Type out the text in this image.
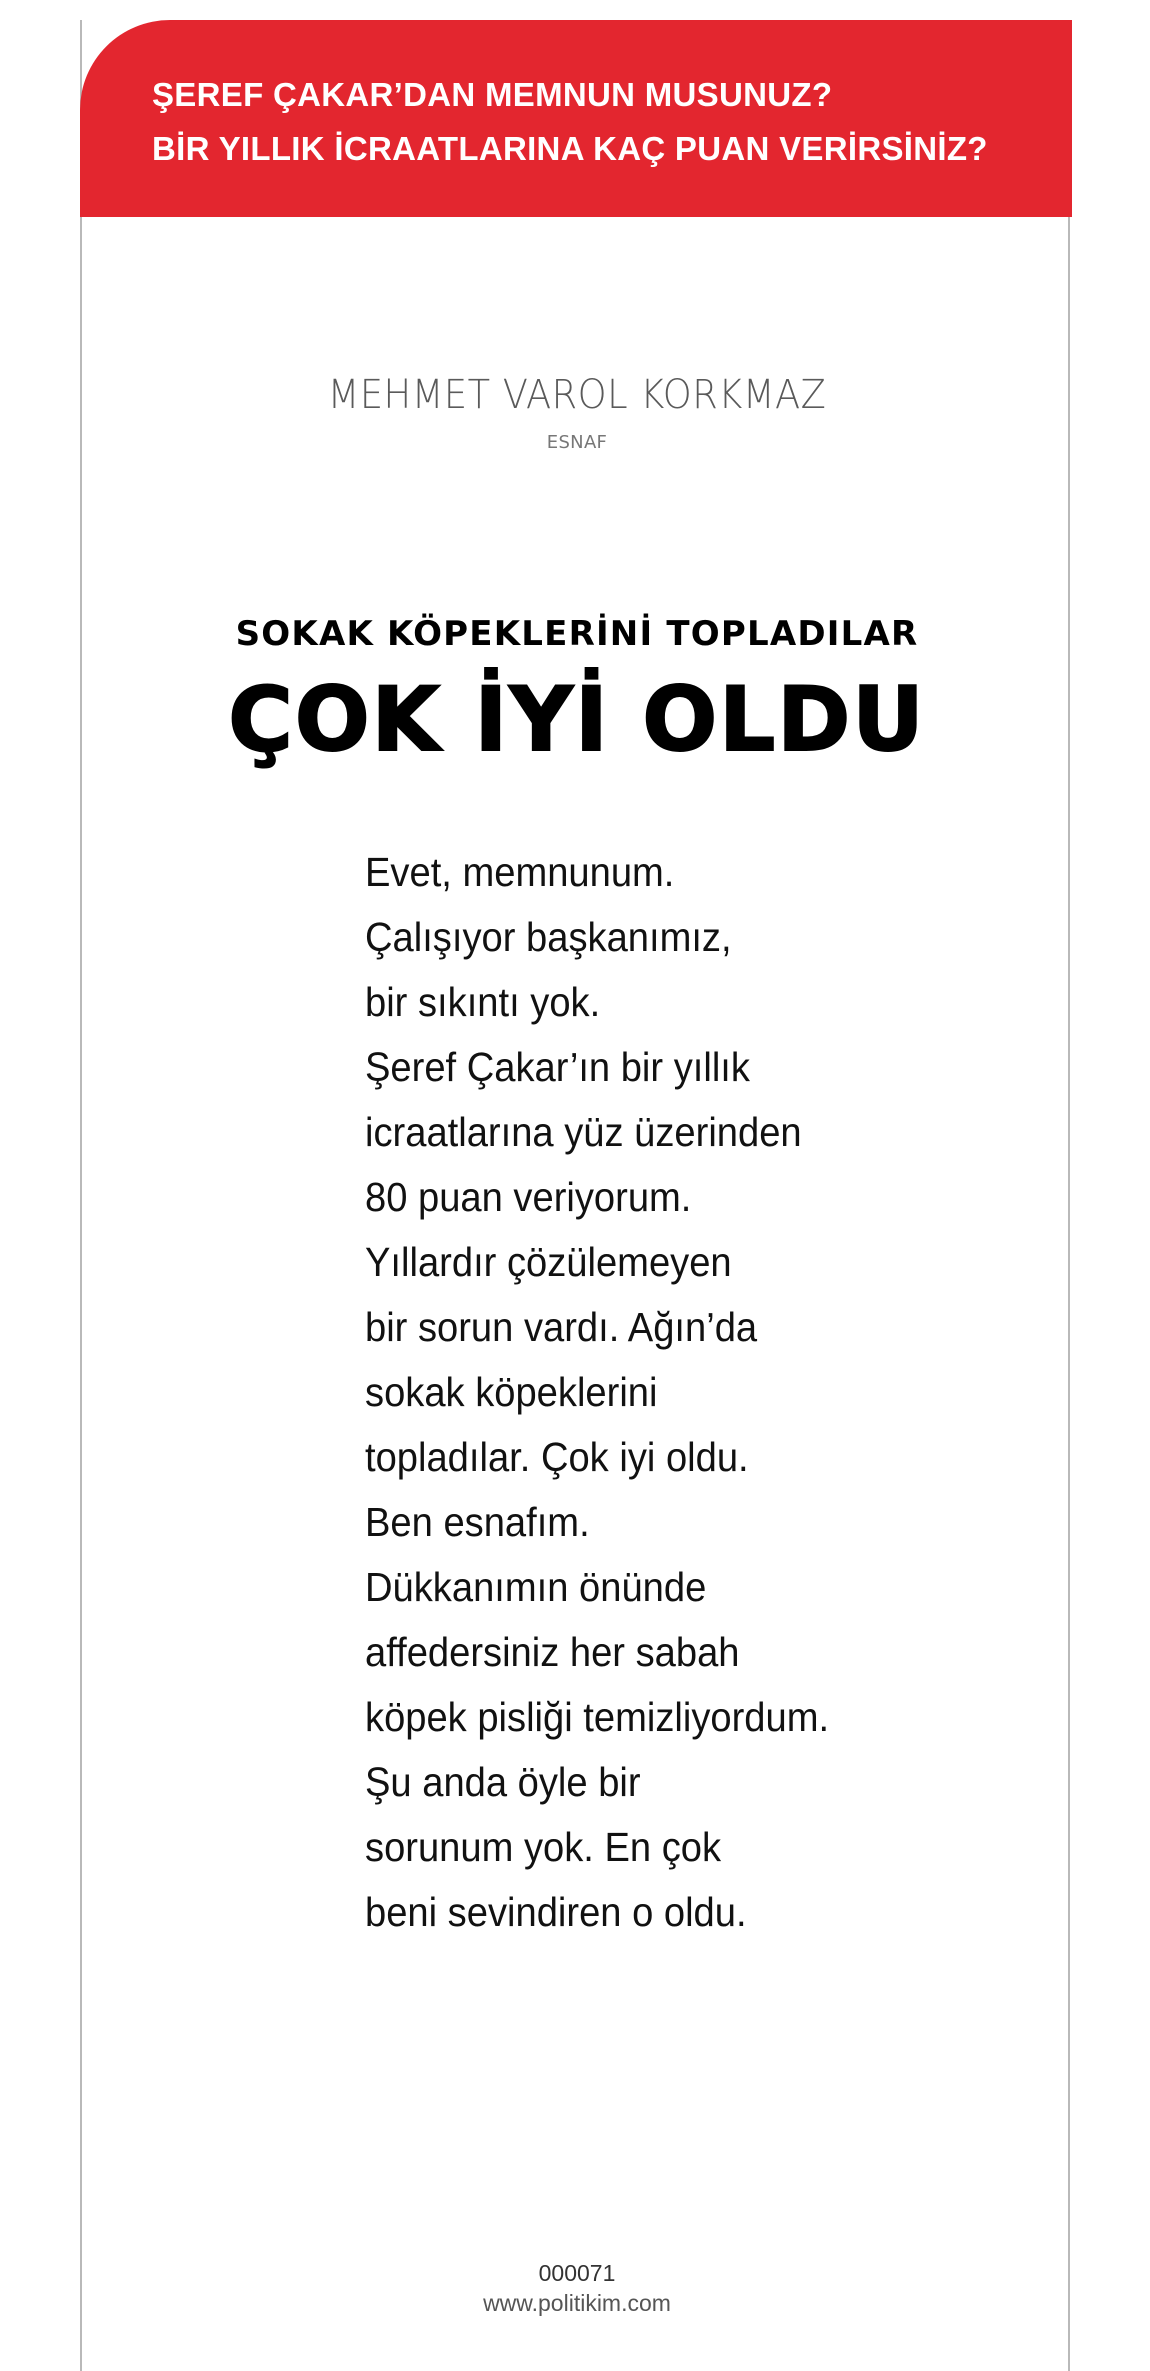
ŞEREF ÇAKAR’DAN MEMNUN MUSUNUZ?
BİR YILLIK İCRAATLARINA KAÇ PUAN VERİRSİNİZ?
MEHMET VAROL KORKMAZ
ESNAF
SOKAK KÖPEKLERİNİ TOPLADILAR
ÇOK İYİ OLDU
Evet, memnunum.
Çalışıyor başkanımız,
bir sıkıntı yok.
Şeref Çakar’ın bir yıllık
icraatlarına yüz üzerinden
80 puan veriyorum.
Yıllardır çözülemeyen
bir sorun vardı. Ağın’da
sokak köpeklerini
topladılar. Çok iyi oldu.
Ben esnafım.
Dükkanımın önünde
affedersiniz her sabah
köpek pisliği temizliyordum.
Şu anda öyle bir
sorunum yok. En çok
beni sevindiren o oldu.
000071
www.politikim.com
